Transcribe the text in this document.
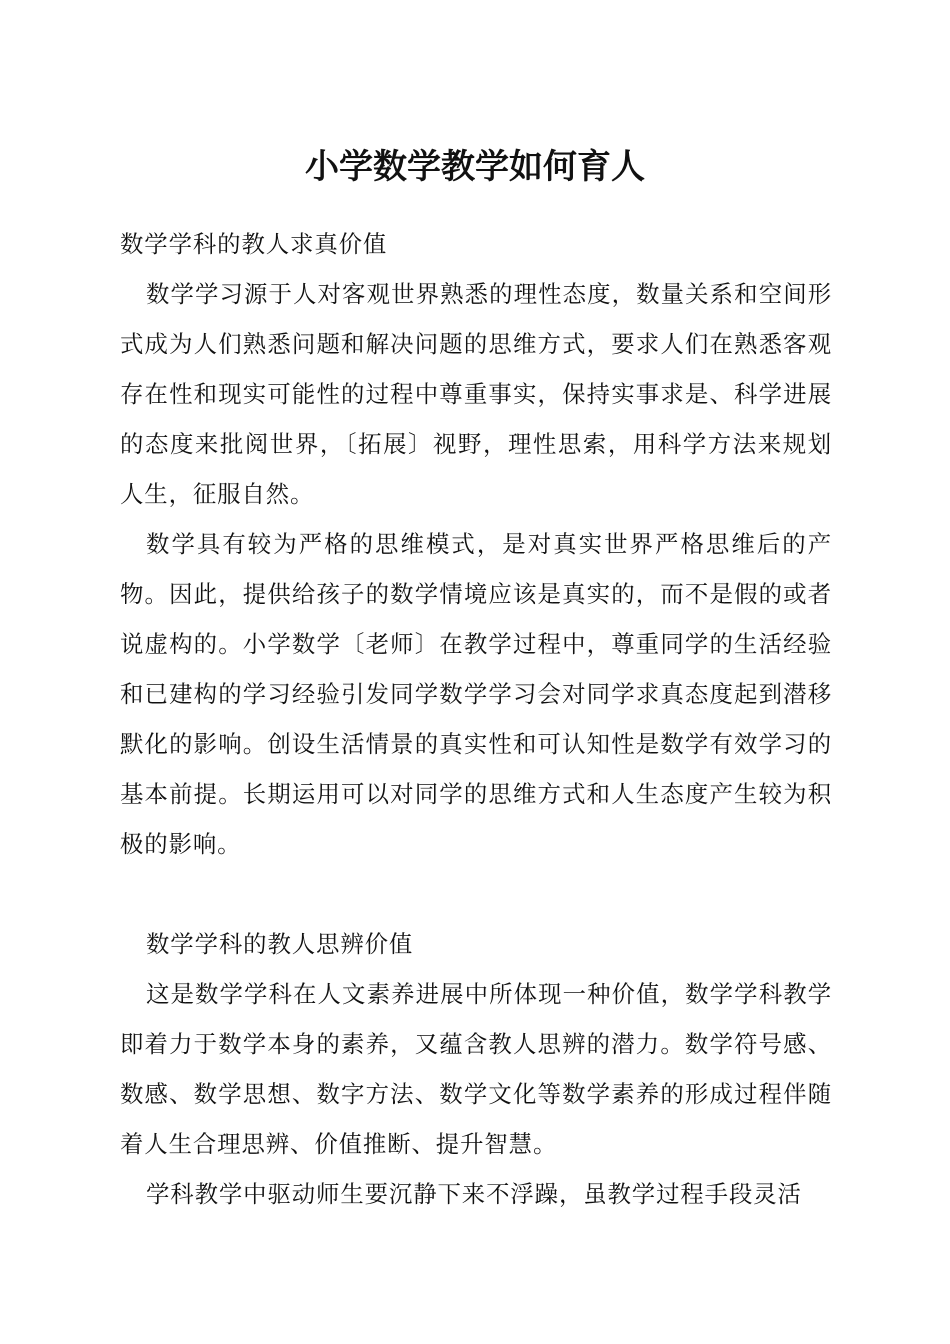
小学数学教学如何育人

数学学科的教人求真价值

数学学习源于人对客观世界熟悉的理性态度，数量关系和空间形式成为人们熟悉问题和解决问题的思维方式，要求人们在熟悉客观存在性和现实可能性的过程中尊重事实，保持实事求是、科学进展的态度来批阅世界，〔拓展〕视野，理性思索，用科学方法来规划人生，征服自然。

数学具有较为严格的思维模式，是对真实世界严格思维后的产物。因此，提供给孩子的数学情境应该是真实的，而不是假的或者说虚构的。小学数学〔老师〕在教学过程中，尊重同学的生活经验和已建构的学习经验引发同学数学学习会对同学求真态度起到潜移默化的影响。创设生活情景的真实性和可认知性是数学有效学习的基本前提。长期运用可以对同学的思维方式和人生态度产生较为积极的影响。

数学学科的教人思辨价值

这是数学学科在人文素养进展中所体现一种价值，数学学科教学即着力于数学本身的素养，又蕴含教人思辨的潜力。数学符号感、数感、数学思想、数字方法、数学文化等数学素养的形成过程伴随着人生合理思辨、价值推断、提升智慧。

学科教学中驱动师生要沉静下来不浮躁，虽教学过程手段灵活
